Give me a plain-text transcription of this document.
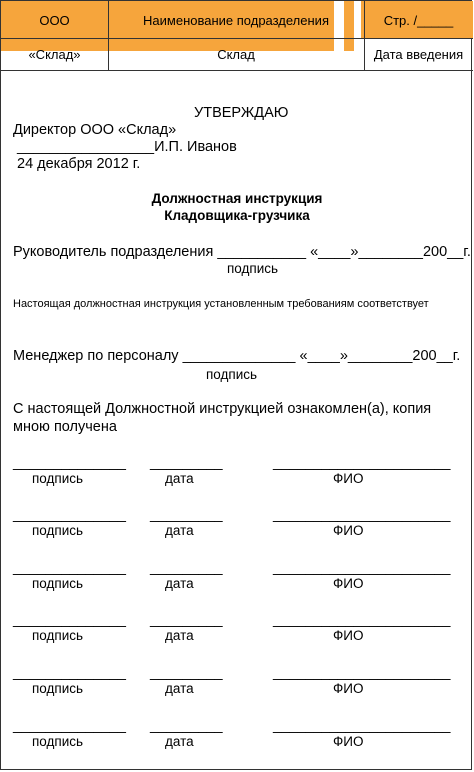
ООО	Наименование подразделения	Стр. /_____
«Склад»	Склад	Дата введения
УТВЕРЖДАЮ
Директор ООО «Склад»
_________________И.П. Иванов
24 декабря 2012 г.
Должностная инструкция
Кладовщика-грузчика
Руководитель подразделения ___________ «____»________200__г.
подпись
Настоящая должностная инструкция установленным требованиям соответствует
Менеджер по персоналу ______________ «____»________200__г.
подпись
С настоящей Должностной инструкцией ознакомлен(а), копия
мною получена
______________ _________	______________________
подпись	дата	ФИО
______________ _________	______________________
подпись	дата	ФИО
______________ _________	______________________
подпись	дата	ФИО
______________ _________	______________________
подпись	дата	ФИО
______________ _________	______________________
подпись	дата	ФИО
______________ _________	______________________
подпись	дата	ФИО
